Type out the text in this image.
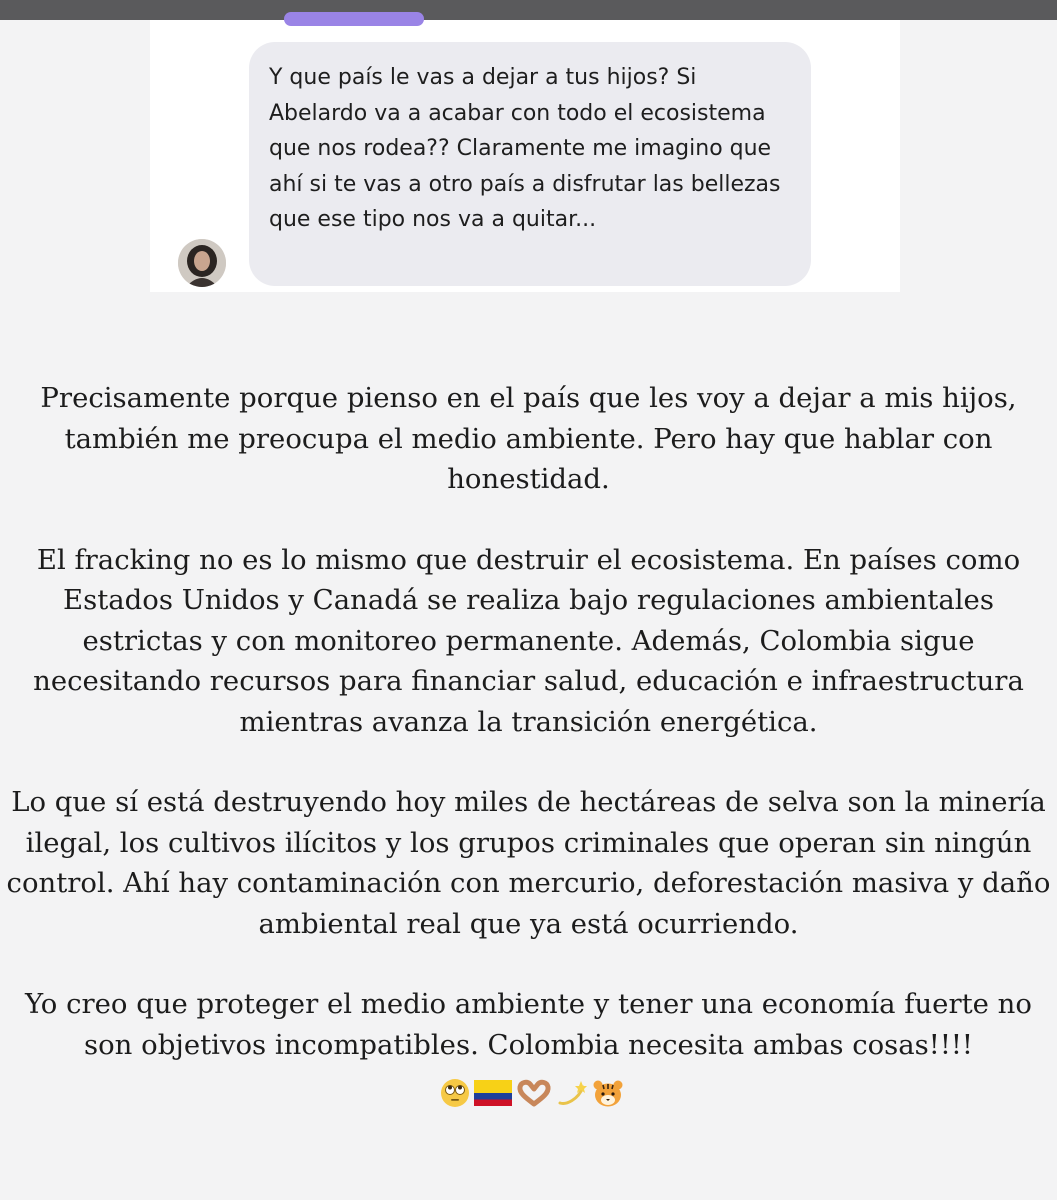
Y que país le vas a dejar a tus hijos? Si Abelardo va a acabar con todo el ecosistema que nos rodea?? Claramente me imagino que ahí si te vas a otro país a disfrutar las bellezas que ese tipo nos va a quitar...

Precisamente porque pienso en el país que les voy a dejar a mis hijos, también me preocupa el medio ambiente. Pero hay que hablar con honestidad.

El fracking no es lo mismo que destruir el ecosistema. En países como Estados Unidos y Canadá se realiza bajo regulaciones ambientales estrictas y con monitoreo permanente. Además, Colombia sigue necesitando recursos para financiar salud, educación e infraestructura mientras avanza la transición energética.

Lo que sí está destruyendo hoy miles de hectáreas de selva son la minería ilegal, los cultivos ilícitos y los grupos criminales que operan sin ningún control. Ahí hay contaminación con mercurio, deforestación masiva y daño ambiental real que ya está ocurriendo.

Yo creo que proteger el medio ambiente y tener una economía fuerte no son objetivos incompatibles. Colombia necesita ambas cosas!!!!
